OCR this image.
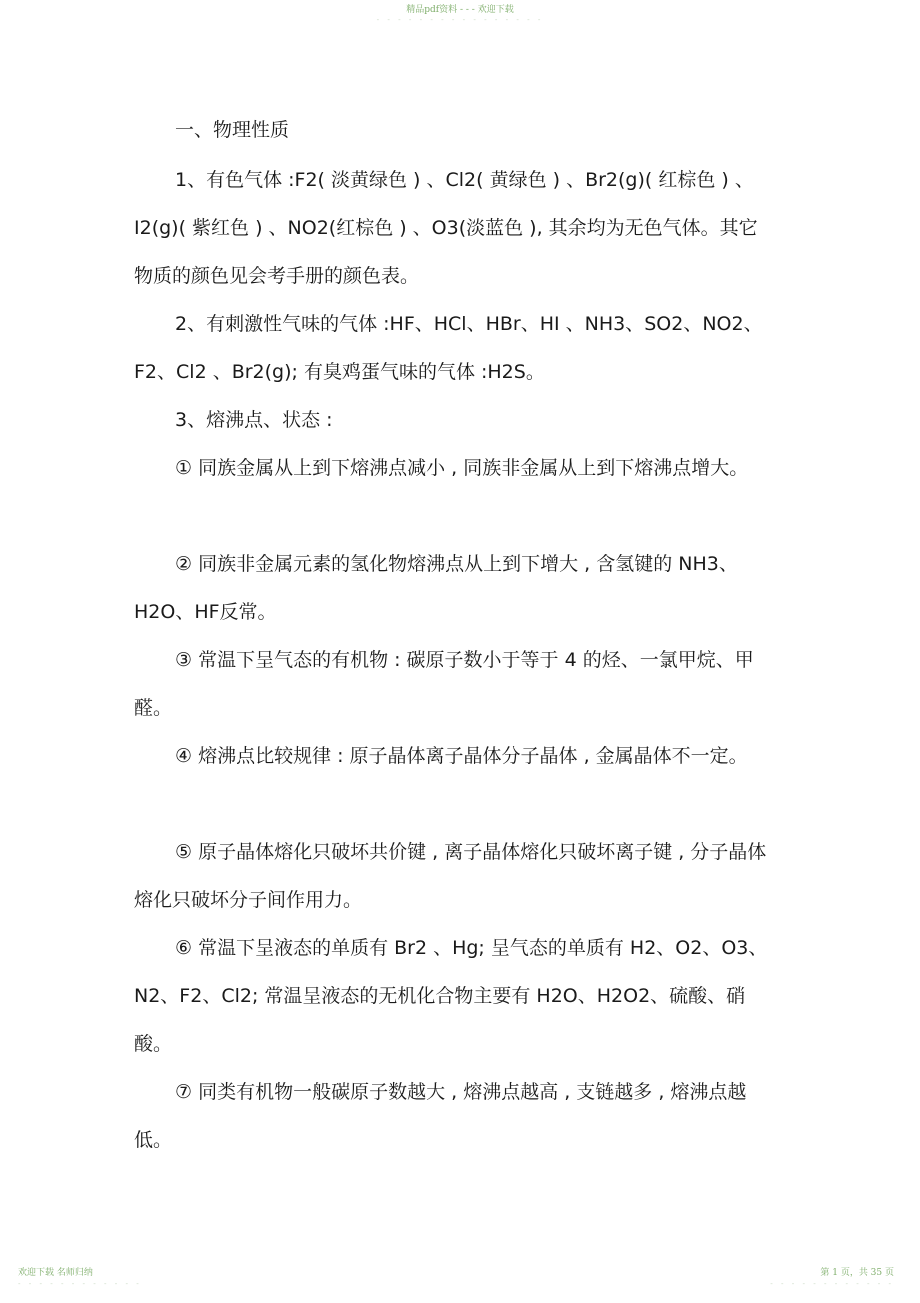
精品pdf资料 - - - 欢迎下载
- - - - - - - - - - - - - - - -

一、物理性质

1、有色气体 :F2( 淡黄绿色 ) 、Cl2( 黄绿色 ) 、Br2(g)( 红棕色 ) 、I2(g)( 紫红色 ) 、NO2(红棕色 ) 、O3(淡蓝色 ), 其余均为无色气体。其它物质的颜色见会考手册的颜色表。

2、有刺激性气味的气体 :HF、HCl、HBr、HI 、NH3、SO2、NO2、F2、Cl2 、Br2(g); 有臭鸡蛋气味的气体 :H2S。

3、熔沸点、状态 :

① 同族金属从上到下熔沸点减小 , 同族非金属从上到下熔沸点增大。

② 同族非金属元素的氢化物熔沸点从上到下增大 , 含氢键的 NH3、H2O、HF反常。

③ 常温下呈气态的有机物 : 碳原子数小于等于 4 的烃、一氯甲烷、甲醛。

④ 熔沸点比较规律 : 原子晶体离子晶体分子晶体 , 金属晶体不一定。

⑤ 原子晶体熔化只破坏共价键 , 离子晶体熔化只破坏离子键 , 分子晶体熔化只破坏分子间作用力。

⑥ 常温下呈液态的单质有 Br2 、Hg; 呈气态的单质有 H2、O2、O3、N2、F2、Cl2; 常温呈液态的无机化合物主要有 H2O、H2O2、硫酸、硝酸。

⑦ 同类有机物一般碳原子数越大 , 熔沸点越高 , 支链越多 , 熔沸点越低。

欢迎下载 名师归纳	第 1 页，共 35 页
- - - - - - - - - - - -	- - - - - - - - - - - -
